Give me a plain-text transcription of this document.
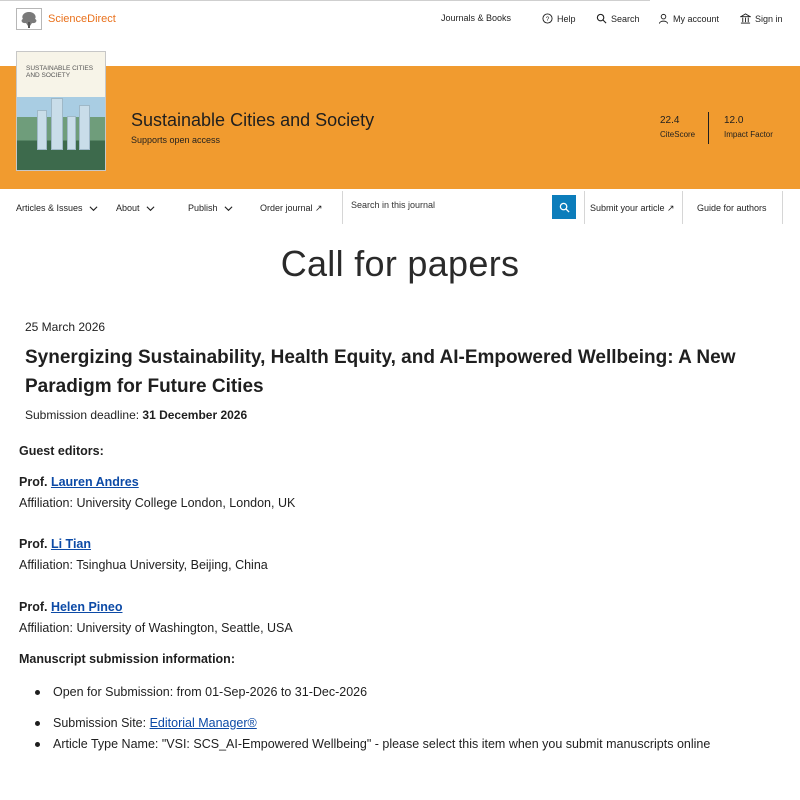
ScienceDirect	Journals & Books	? Help	Search	My account	Sign in
SUSTAINABLE CITIES AND SOCIETY
Sustainable Cities and Society
Supports open access
22.4
CiteScore
12.0
Impact Factor
Articles & Issues	About	Publish	Order journal ↗
Search in this journal	Submit your article ↗ Guide for authors
Call for papers
25 March 2026
Synergizing Sustainability, Health Equity, and AI-Empowered Wellbeing: A New Paradigm for Future Cities
Submission deadline: 31 December 2026
Guest editors:
Prof. Lauren Andres
Affiliation: University College London, London, UK
Prof. Li Tian
Affiliation: Tsinghua University, Beijing, China
Prof. Helen Pineo
Affiliation: University of Washington, Seattle, USA
Manuscript submission information:
Open for Submission: from 01-Sep-2026 to 31-Dec-2026
Submission Site: Editorial Manager®
Article Type Name: "VSI: SCS_AI-Empowered Wellbeing" - please select this item when you submit manuscripts online
